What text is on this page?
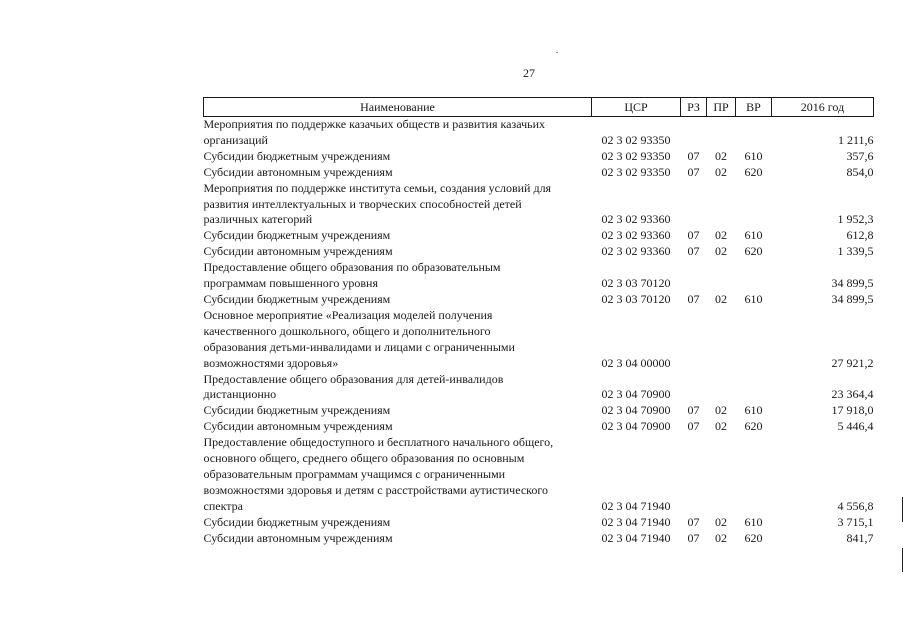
27
Наименование	ЦСР	РЗ	ПР	ВР	2016 год

Мероприятия по поддержке казачьих обществ и развития казачьих
организаций	02 3 02 93350				1 211,6

Субсидии бюджетным учреждениям	02 3 02 93350	07	02	610	357,6

Субсидии автономным учреждениям	02 3 02 93350	07	02	620	854,0

Мероприятия по поддержке института семьи, создания условий для
развития интеллектуальных и творческих способностей детей
различных категорий	02 3 02 93360				1 952,3

Субсидии бюджетным учреждениям	02 3 02 93360	07	02	610	612,8

Субсидии автономным учреждениям	02 3 02 93360	07	02	620	1 339,5

Предоставление общего образования по образовательным
программам повышенного уровня	02 3 03 70120				34 899,5

Субсидии бюджетным учреждениям	02 3 03 70120	07	02	610	34 899,5

Основное мероприятие «Реализация моделей получения
качественного дошкольного, общего и дополнительного
образования детьми-инвалидами и лицами с ограниченными
возможностями здоровья»	02 3 04 00000				27 921,2

Предоставление общего образования для детей-инвалидов
дистанционно	02 3 04 70900				23 364,4

Субсидии бюджетным учреждениям	02 3 04 70900	07	02	610	17 918,0

Субсидии автономным учреждениям	02 3 04 70900	07	02	620	5 446,4

Предоставление общедоступного и бесплатного начального общего,
основного общего, среднего общего образования по основным
образовательным программам учащимся с ограниченными
возможностями здоровья и детям с расстройствами аутистического
спектра	02 3 04 71940				4 556,8

Субсидии бюджетным учреждениям	02 3 04 71940	07	02	610	3 715,1

Субсидии автономным учреждениям	02 3 04 71940	07	02	620	841,7
